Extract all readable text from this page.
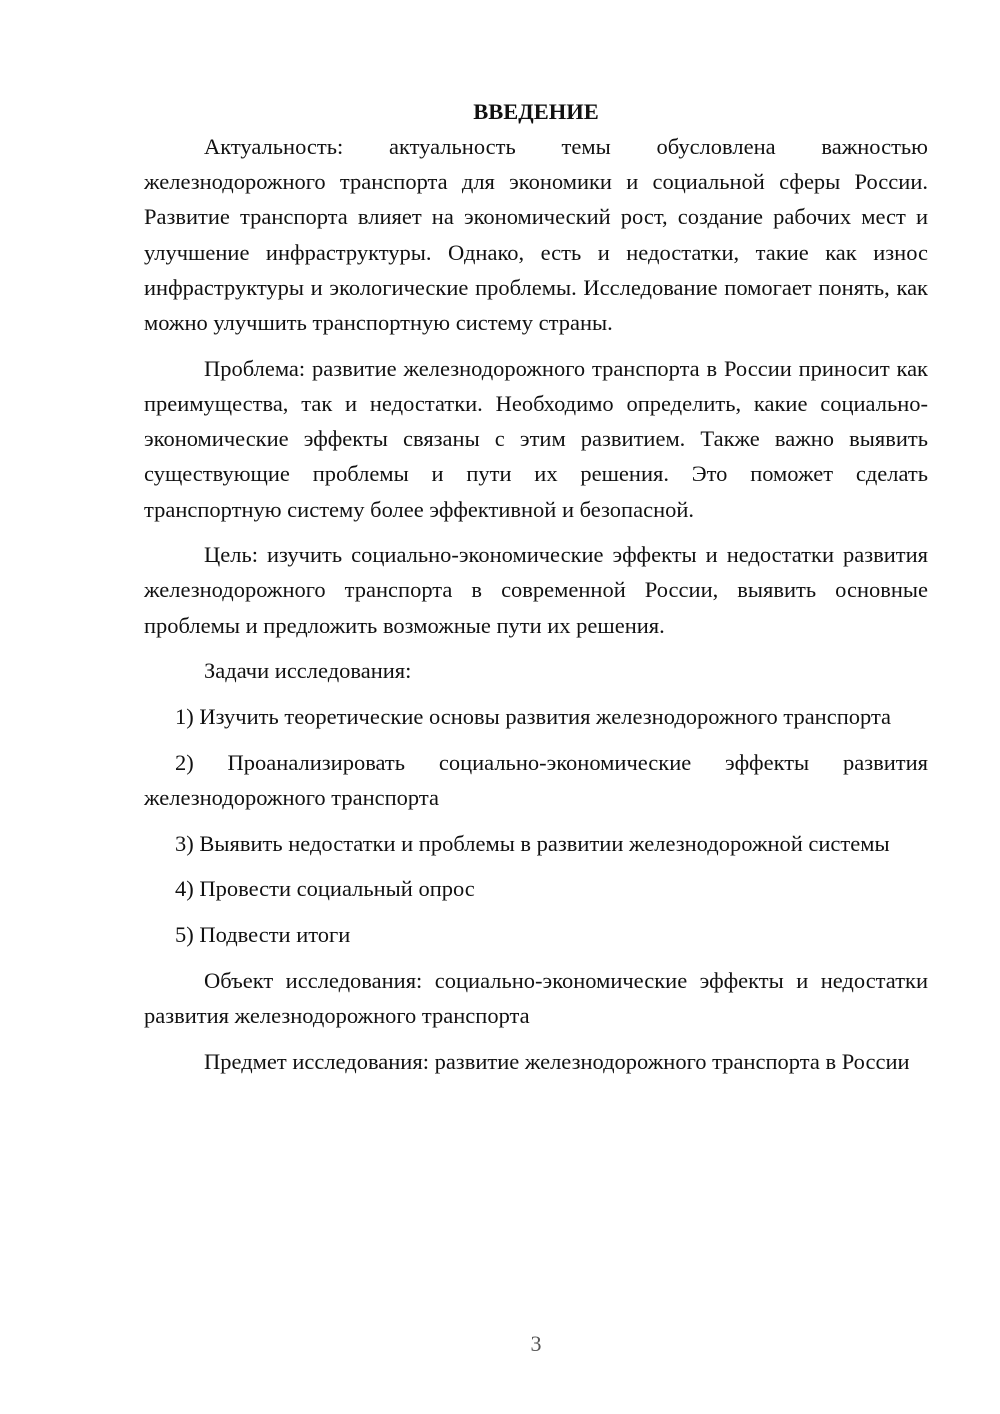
ВВЕДЕНИЕ

Актуальность: актуальность темы обусловлена важностью железнодорожного транспорта для экономики и социальной сферы России. Развитие транспорта влияет на экономический рост, создание рабочих мест и улучшение инфраструктуры. Однако, есть и недостатки, такие как износ инфраструктуры и экологические проблемы. Исследование помогает понять, как можно улучшить транспортную систему страны.

Проблема: развитие железнодорожного транспорта в России приносит как преимущества, так и недостатки. Необходимо определить, какие социально-экономические эффекты связаны с этим развитием. Также важно выявить существующие проблемы и пути их решения. Это поможет сделать транспортную систему более эффективной и безопасной.

Цель: изучить социально-экономические эффекты и недостатки развития железнодорожного транспорта в современной России, выявить основные проблемы и предложить возможные пути их решения.

Задачи исследования:

1) Изучить теоретические основы развития железнодорожного транспорта

2) Проанализировать социально-экономические эффекты развития железнодорожного транспорта

3) Выявить недостатки и проблемы в развитии железнодорожной системы

4) Провести социальный опрос

5) Подвести итоги

Объект исследования: социально-экономические эффекты и недостатки развития железнодорожного транспорта

Предмет исследования: развитие железнодорожного транспорта в России

3
